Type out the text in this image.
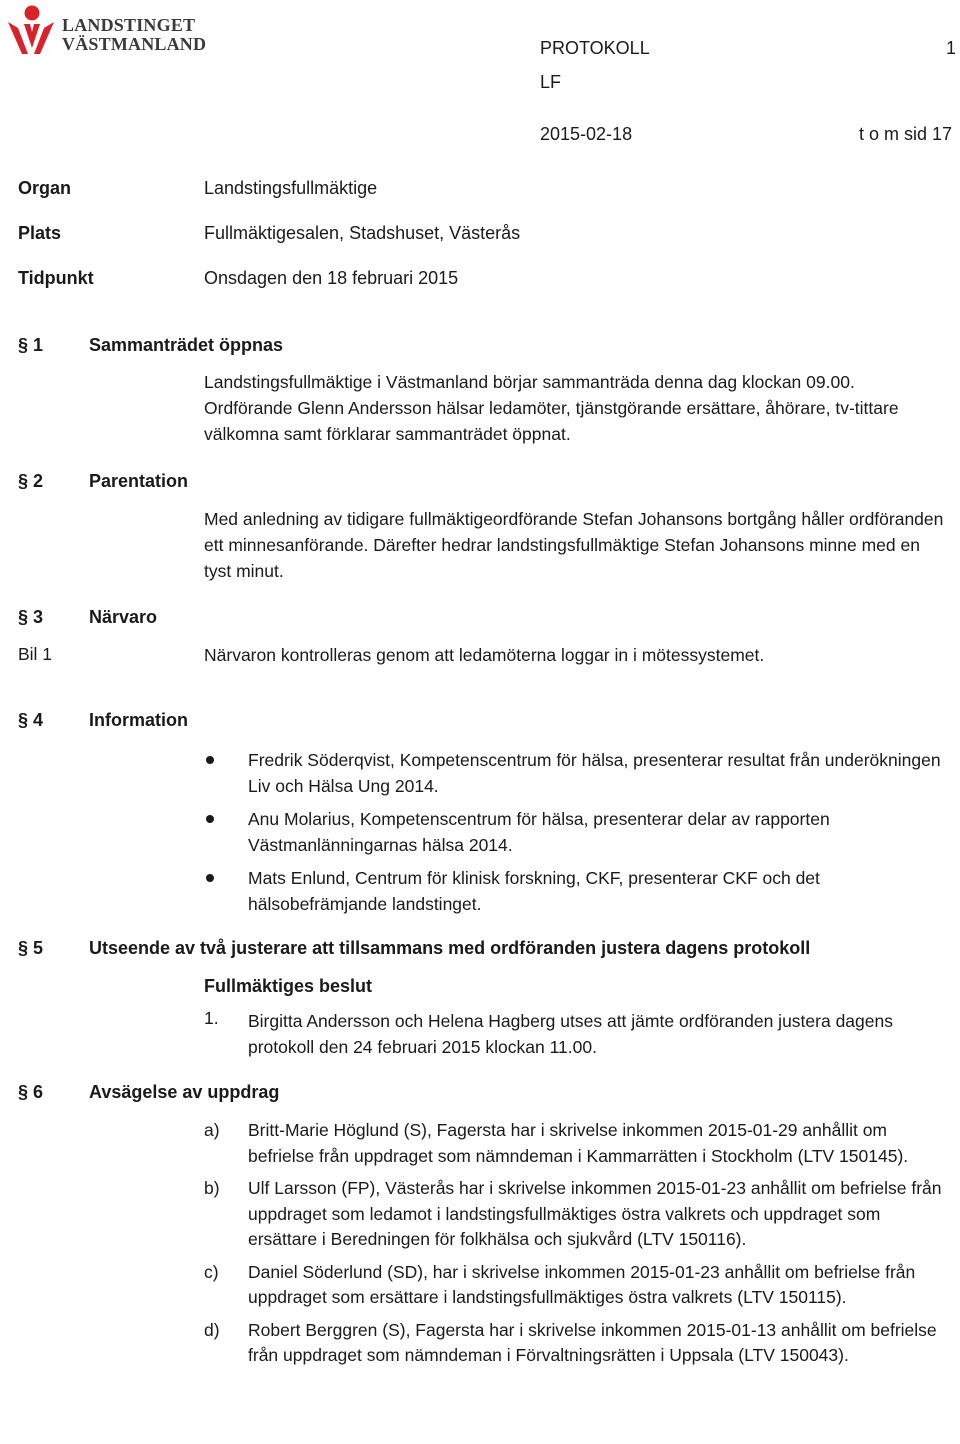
LANDSTINGET
VÄSTMANLAND	PROTOKOLL	1
LF
2015-02-18	t o m sid 17
Organ	Landstingsfullmäktige
Plats	Fullmäktigesalen, Stadshuset, Västerås
Tidpunkt	Onsdagen den 18 februari 2015
§ 1	Sammanträdet öppnas
Landstingsfullmäktige i Västmanland börjar sammanträda denna dag klockan 09.00. Ordförande Glenn Andersson hälsar ledamöter, tjänstgörande ersättare, åhörare, tv-tittare välkomna samt förklarar sammanträdet öppnat.
§ 2	Parentation
Med anledning av tidigare fullmäktigeordförande Stefan Johansons bortgång håller ordföranden ett minnesanförande. Därefter hedrar landstingsfullmäktige Stefan Johansons minne med en tyst minut.
§ 3	Närvaro
Bil 1	Närvaron kontrolleras genom att ledamöterna loggar in i mötessystemet.
§ 4	Information
Fredrik Söderqvist, Kompetenscentrum för hälsa, presenterar resultat från underökningen Liv och Hälsa Ung 2014.
Anu Molarius, Kompetenscentrum för hälsa, presenterar delar av rapporten Västmanlänningarnas hälsa 2014.
Mats Enlund, Centrum för klinisk forskning, CKF, presenterar CKF och det hälsobefrämjande landstinget.
§ 5	Utseende av två justerare att tillsammans med ordföranden justera dagens protokoll
Fullmäktiges beslut
1. Birgitta Andersson och Helena Hagberg utses att jämte ordföranden justera dagens protokoll den 24 februari 2015 klockan 11.00.
§ 6	Avsägelse av uppdrag
a) Britt-Marie Höglund (S), Fagersta har i skrivelse inkommen 2015-01-29 anhållit om befrielse från uppdraget som nämndeman i Kammarrätten i Stockholm (LTV 150145).
b) Ulf Larsson (FP), Västerås har i skrivelse inkommen 2015-01-23 anhållit om befrielse från uppdraget som ledamot i landstingsfullmäktiges östra valkrets och uppdraget som ersättare i Beredningen för folkhälsa och sjukvård (LTV 150116).
c) Daniel Söderlund (SD), har i skrivelse inkommen 2015-01-23 anhållit om befrielse från uppdraget som ersättare i landstingsfullmäktiges östra valkrets (LTV 150115).
d) Robert Berggren (S), Fagersta har i skrivelse inkommen 2015-01-13 anhållit om befrielse från uppdraget som nämndeman i Förvaltningsrätten i Uppsala (LTV 150043).
